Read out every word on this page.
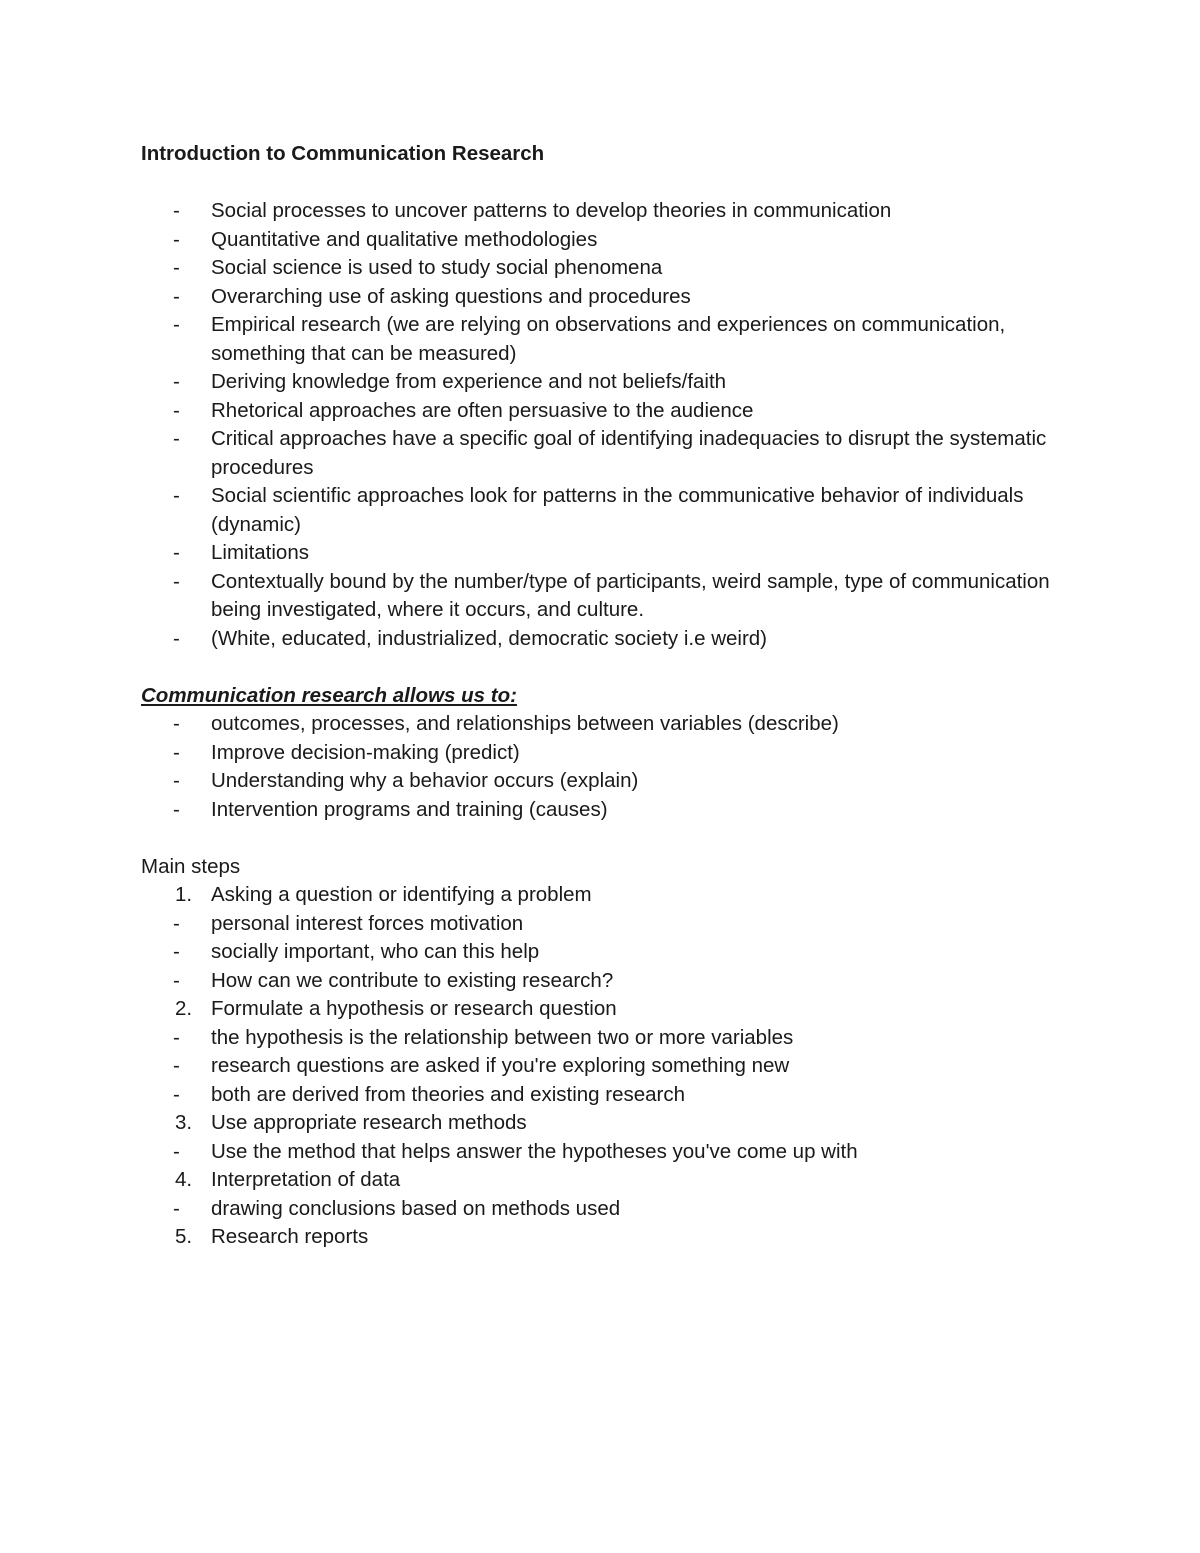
Introduction to Communication Research
-	Social processes to uncover patterns to develop theories in communication
-	Quantitative and qualitative methodologies
-	Social science is used to study social phenomena
-	Overarching use of asking questions and procedures
-	Empirical research (we are relying on observations and experiences on communication, something that can be measured)
-	Deriving knowledge from experience and not beliefs/faith
-	Rhetorical approaches are often persuasive to the audience
-	Critical approaches have a specific goal of identifying inadequacies to disrupt the systematic procedures
-	Social scientific approaches look for patterns in the communicative behavior of individuals (dynamic)
-	Limitations
-	Contextually bound by the number/type of participants, weird sample, type of communication being investigated, where it occurs, and culture.
-	(White, educated, industrialized, democratic society i.e weird)
Communication research allows us to:
-	outcomes, processes, and relationships between variables (describe)
-	Improve decision-making (predict)
-	Understanding why a behavior occurs (explain)
-	Intervention programs and training (causes)
Main steps
1. Asking a question or identifying a problem
-	personal interest forces motivation
-	socially important, who can this help
-	How can we contribute to existing research?
2. Formulate a hypothesis or research question
-	the hypothesis is the relationship between two or more variables
-	research questions are asked if you're exploring something new
-	both are derived from theories and existing research
3. Use appropriate research methods
-	Use the method that helps answer the hypotheses you've come up with
4. Interpretation of data
-	drawing conclusions based on methods used
5. Research reports
